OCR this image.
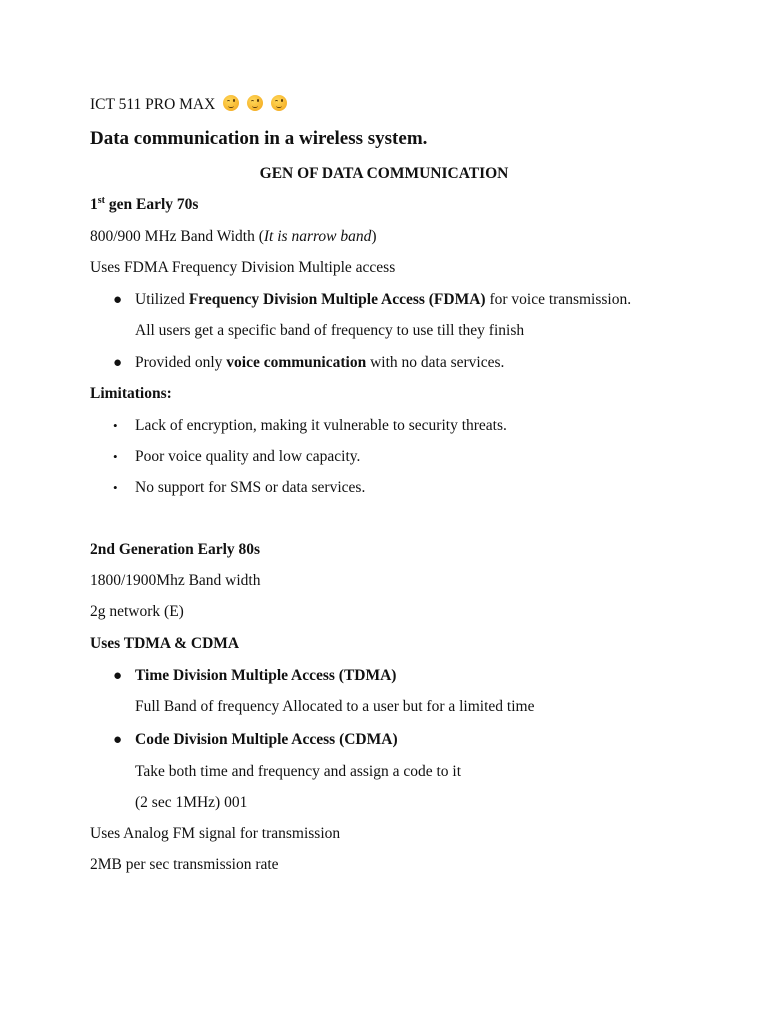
ICT 511 PRO MAX

Data communication in a wireless system.
GEN OF DATA COMMUNICATION
1st gen Early 70s
800/900 MHz Band Width (It is narrow band)
Uses FDMA Frequency Division Multiple access
● Utilized Frequency Division Multiple Access (FDMA) for voice transmission.
All users get a specific band of frequency to use till they finish
● Provided only voice communication with no data services.
Limitations:
• Lack of encryption, making it vulnerable to security threats.
• Poor voice quality and low capacity.
• No support for SMS or data services.
2nd Generation Early 80s
1800/1900Mhz Band width
2g network (E)
Uses TDMA & CDMA
● Time Division Multiple Access (TDMA)
Full Band of frequency Allocated to a user but for a limited time
● Code Division Multiple Access (CDMA)
Take both time and frequency and assign a code to it
(2 sec 1MHz) 001
Uses Analog FM signal for transmission
2MB per sec transmission rate
